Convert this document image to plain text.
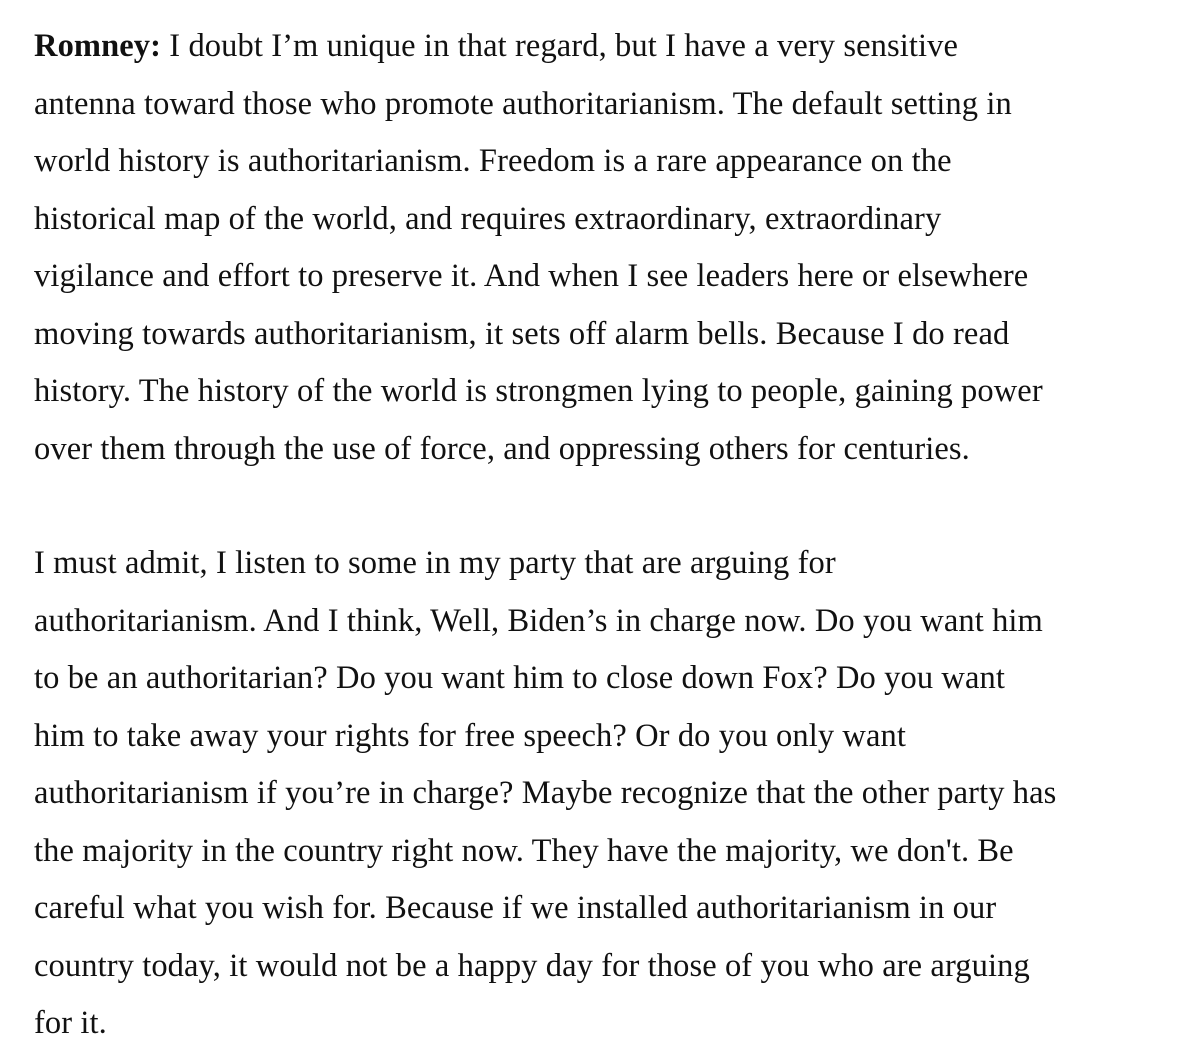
Romney: I doubt I’m unique in that regard, but I have a very sensitive
antenna toward those who promote authoritarianism. The default setting in
world history is authoritarianism. Freedom is a rare appearance on the
historical map of the world, and requires extraordinary, extraordinary
vigilance and effort to preserve it. And when I see leaders here or elsewhere
moving towards authoritarianism, it sets off alarm bells. Because I do read
history. The history of the world is strongmen lying to people, gaining power
over them through the use of force, and oppressing others for centuries.

I must admit, I listen to some in my party that are arguing for
authoritarianism. And I think, Well, Biden’s in charge now. Do you want him
to be an authoritarian? Do you want him to close down Fox? Do you want
him to take away your rights for free speech? Or do you only want
authoritarianism if you’re in charge? Maybe recognize that the other party has
the majority in the country right now. They have the majority, we don't. Be
careful what you wish for. Because if we installed authoritarianism in our
country today, it would not be a happy day for those of you who are arguing
for it.
